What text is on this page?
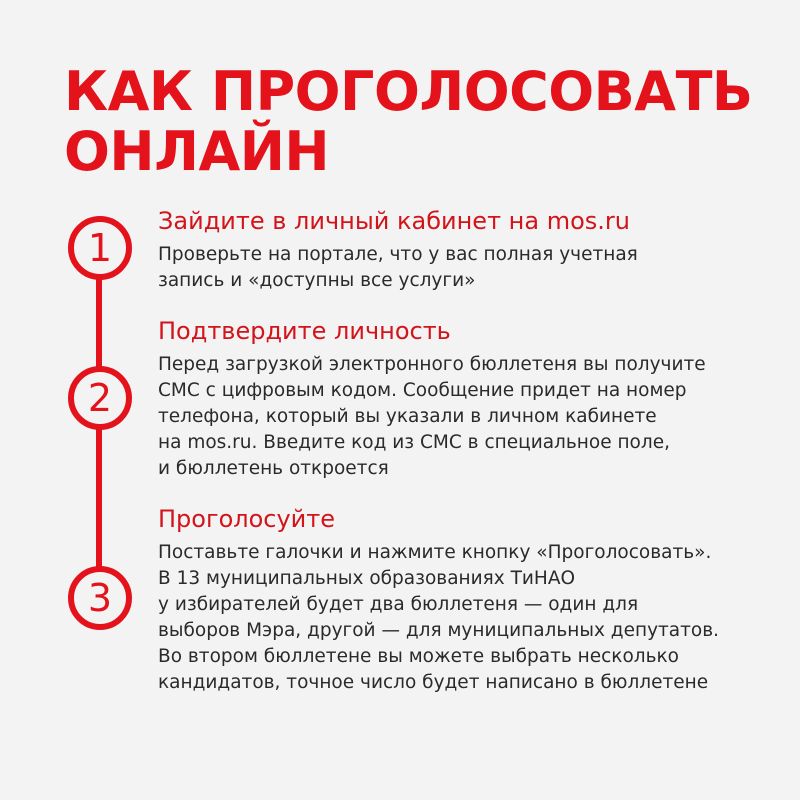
КАК ПРОГОЛОСОВАТЬ
ОНЛАЙН
1
Зайдите в личный кабинет на mos.ru

Проверьте на портале, что у вас полная учетная
запись и «доступны все услуги»

2
Подтвердите личность

Перед загрузкой электронного бюллетеня вы получите
СМС с цифровым кодом. Сообщение придет на номер
телефона, который вы указали в личном кабинете
на mos.ru. Введите код из СМС в специальное поле,
и бюллетень откроется

3
Проголосуйте

Поставьте галочки и нажмите кнопку «Проголосовать».
В 13 муниципальных образованиях ТиНАО
у избирателей будет два бюллетеня — один для
выборов Мэра, другой — для муниципальных депутатов.
Во втором бюллетене вы можете выбрать несколько
кандидатов, точное число будет написано в бюллетене
